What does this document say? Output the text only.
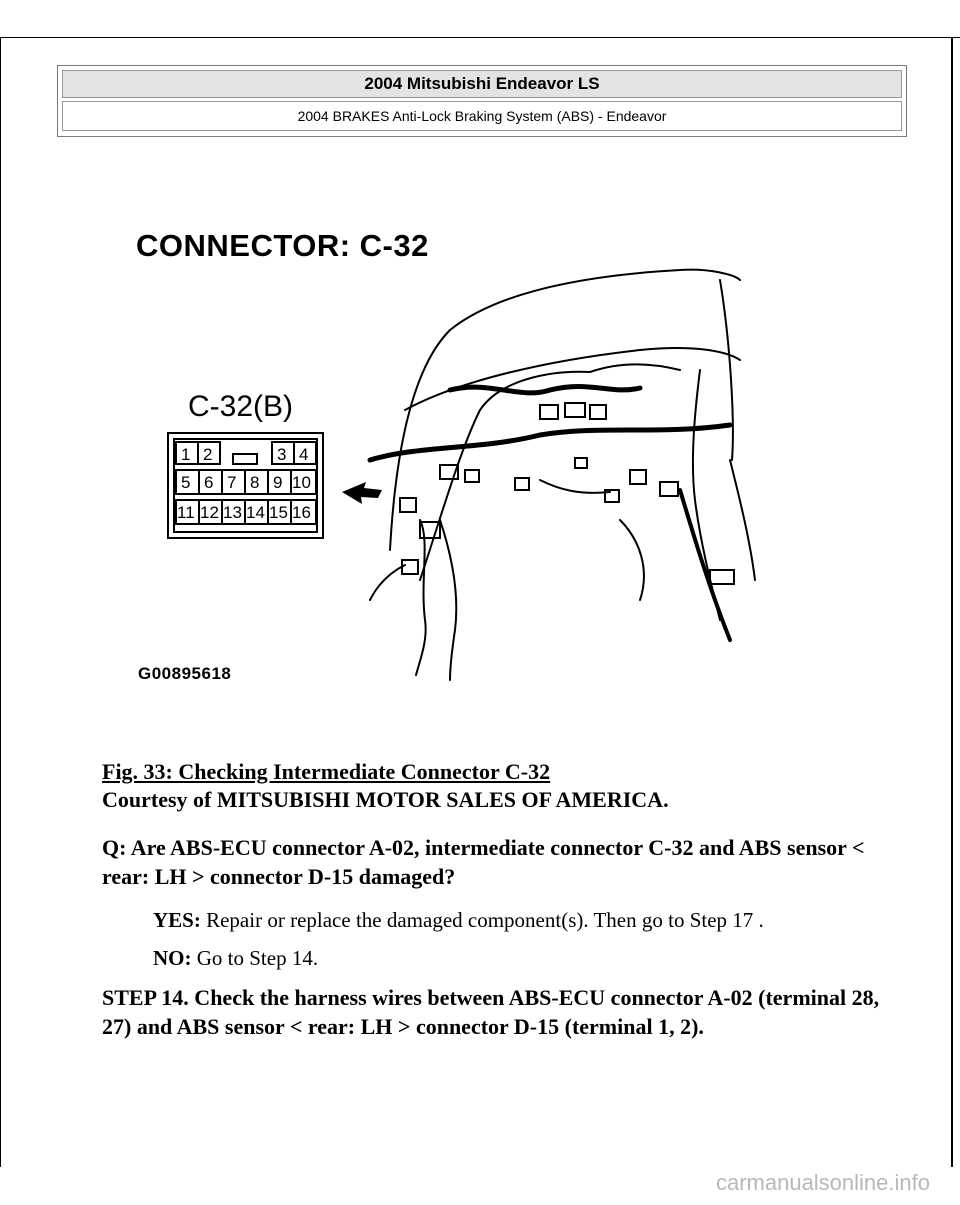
2004 Mitsubishi Endeavor LS
2004 BRAKES Anti-Lock Braking System (ABS) - Endeavor
CONNECTOR: C-32
C-32(B)
1 2	3 4
5 6 7 8 9 10
11 12 13 14 15 16
G00895618
Fig. 33: Checking Intermediate Connector C-32
Courtesy of MITSUBISHI MOTOR SALES OF AMERICA.
Q: Are ABS-ECU connector A-02, intermediate connector C-32 and ABS sensor < rear: LH > connector D-15 damaged?
YES: Repair or replace the damaged component(s). Then go to Step 17 .
NO: Go to Step 14.
STEP 14. Check the harness wires between ABS-ECU connector A-02 (terminal 28, 27) and ABS sensor < rear: LH > connector D-15 (terminal 1, 2).
carmanualsonline.info
